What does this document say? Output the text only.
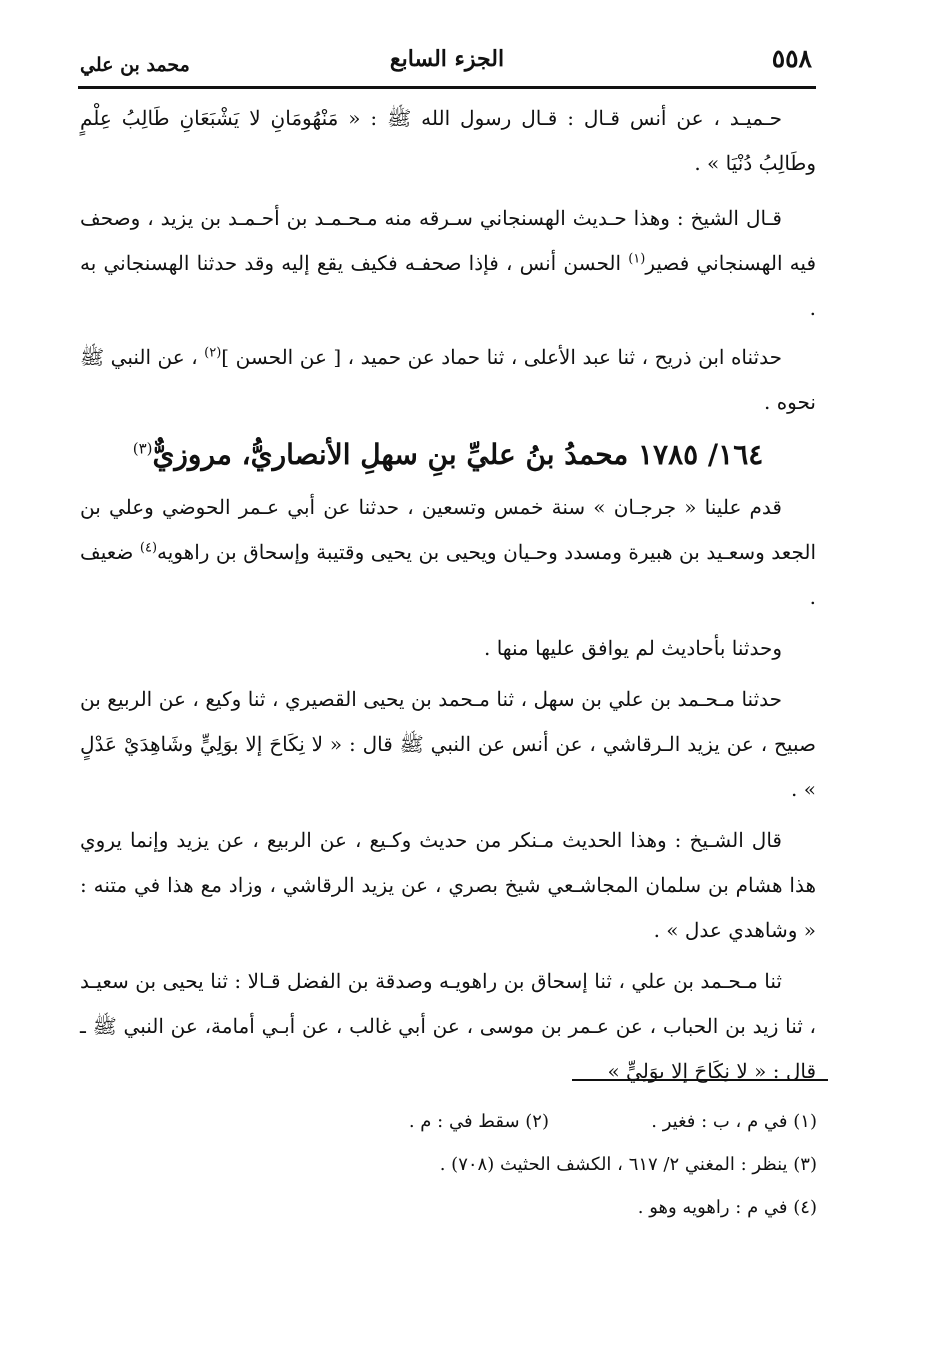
٥٥٨
الجزء السابع
محمد بن علي

حـميـد ، عن أنس قـال : قـال رسول الله ﷺ : « مَنْهُومَانِ لا يَشْبَعَانِ طَالِبُ عِلْمٍ وطَالِبُ دُنْيَا » .

قـال الشيخ : وهذا حـديث الهسنجاني سـرقه منه مـحـمـد بن أحـمـد بن يزيد ، وصحف فيه الهسنجاني فصير$^{(١)}$ الحسن أنس ، فإذا صحفـه فكيف يقع إليه وقد حدثنا الهسنجاني به .

حدثناه ابن ذريح ، ثنا عبد الأعلى ، ثنا حماد عن حميد ، [ عن الحسن ]$^{(٢)}$ ، عن النبي ﷺ نحوه .

١٦٤/ ١٧٨٥ محمدُ بنُ عليِّ بنِ سهلِ الأنصاريُّ، مروزيٌّ$^{(٣)}$

قدم علينا « جرجـان » سنة خمس وتسعين ، حدثنا عن أبي عـمر الحوضي وعلي بن الجعد وسعـيد بن هبيرة ومسدد وحـيان ويحيى بن يحيى وقتيبة وإسحاق بن راهويه$^{(٤)}$ ضعيف .

وحدثنا بأحاديث لم يوافق عليها منها .

حدثنا مـحـمد بن علي بن سهل ، ثنا مـحمد بن يحيى القصيري ، ثنا وكيع ، عن الربيع بن صبيح ، عن يزيد الـرقاشي ، عن أنس عن النبي ﷺ قال : « لا نِكَاحَ إلا بوَلِيٍّ وشَاهِدَيْ عَدْلٍ » .

قال الشـيخ : وهذا الحديث مـنكر من حديث وكـيع ، عن الربيع ، عن يزيد وإنما يروي هذا هشام بن سلمان المجاشـعي شيخ بصري ، عن يزيد الرقاشي ، وزاد مع هذا في متنه : « وشاهدي عدل » .

ثنا مـحـمد بن علي ، ثنا إسحاق بن راهويـه وصدقة بن الفضل قـالا : ثنا يحيى بن سعيـد ، ثنا زيد بن الحباب ، عن عـمر بن موسى ، عن أبي غالب ، عن أبـي أمامة، عن النبي ﷺ ـ قال : « لا نِكَاحَ إلا بوَلِيٍّ »

(١) في م ، ب : فغير .
(٢) سقط في : م .
(٣) ينظر : المغني ٢/ ٦١٧ ، الكشف الحثيث (٧٠٨) .
(٤) في م : راهويه وهو .
